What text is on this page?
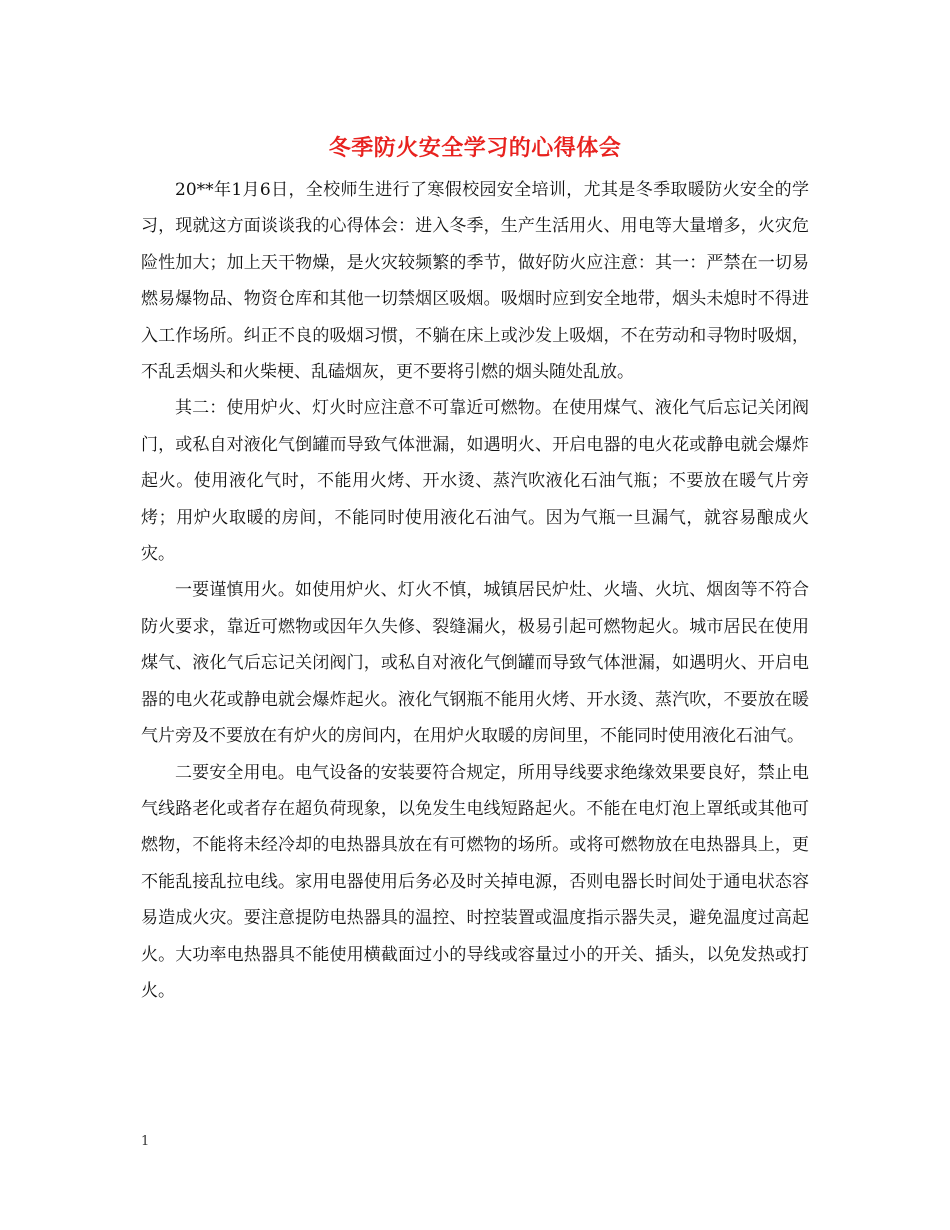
冬季防火安全学习的心得体会

20**年1月6日，全校师生进行了寒假校园安全培训，尤其是冬季取暖防火安全的学习，现就这方面谈谈我的心得体会：进入冬季，生产生活用火、用电等大量增多，火灾危险性加大；加上天干物燥，是火灾较频繁的季节，做好防火应注意：其一：严禁在一切易燃易爆物品、物资仓库和其他一切禁烟区吸烟。吸烟时应到安全地带，烟头未熄时不得进入工作场所。纠正不良的吸烟习惯，不躺在床上或沙发上吸烟，不在劳动和寻物时吸烟，不乱丢烟头和火柴梗、乱磕烟灰，更不要将引燃的烟头随处乱放。

其二：使用炉火、灯火时应注意不可靠近可燃物。在使用煤气、液化气后忘记关闭阀门，或私自对液化气倒罐而导致气体泄漏，如遇明火、开启电器的电火花或静电就会爆炸起火。使用液化气时，不能用火烤、开水烫、蒸汽吹液化石油气瓶；不要放在暖气片旁烤；用炉火取暖的房间，不能同时使用液化石油气。因为气瓶一旦漏气，就容易酿成火灾。

一要谨慎用火。如使用炉火、灯火不慎，城镇居民炉灶、火墙、火坑、烟囱等不符合防火要求，靠近可燃物或因年久失修、裂缝漏火，极易引起可燃物起火。城市居民在使用煤气、液化气后忘记关闭阀门，或私自对液化气倒罐而导致气体泄漏，如遇明火、开启电器的电火花或静电就会爆炸起火。液化气钢瓶不能用火烤、开水烫、蒸汽吹，不要放在暖气片旁及不要放在有炉火的房间内，在用炉火取暖的房间里，不能同时使用液化石油气。

二要安全用电。电气设备的安装要符合规定，所用导线要求绝缘效果要良好，禁止电气线路老化或者存在超负荷现象，以免发生电线短路起火。不能在电灯泡上罩纸或其他可燃物，不能将未经冷却的电热器具放在有可燃物的场所。或将可燃物放在电热器具上，更不能乱接乱拉电线。家用电器使用后务必及时关掉电源，否则电器长时间处于通电状态容易造成火灾。要注意提防电热器具的温控、时控装置或温度指示器失灵，避免温度过高起火。大功率电热器具不能使用横截面过小的导线或容量过小的开关、插头，以免发热或打火。

1
